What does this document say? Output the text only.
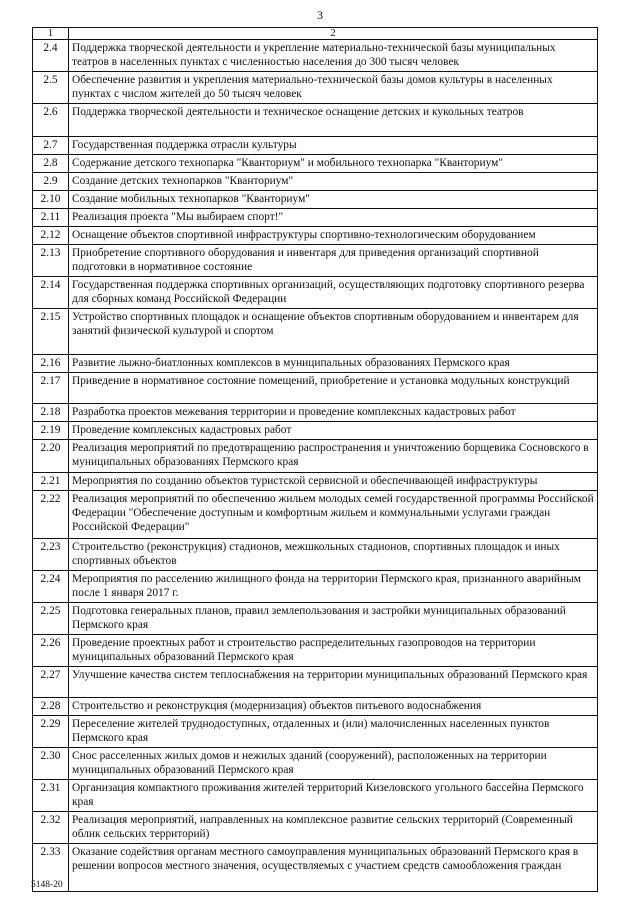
3
1	2
2.4	Поддержка творческой деятельности и укрепление материально-технической базы муниципальных театров в населенных пунктах с численностью населения до 300 тысяч человек
2.5	Обеспечение развития и укрепления материально-технической базы домов культуры в населенных пунктах с числом жителей до 50 тысяч человек
2.6	Поддержка творческой деятельности и техническое оснащение детских и кукольных театров
2.7	Государственная поддержка отрасли культуры
2.8	Содержание детского технопарка "Кванториум" и мобильного технопарка "Кванториум"
2.9	Создание детских технопарков "Кванториум"
2.10	Создание мобильных технопарков "Кванториум"
2.11	Реализация проекта "Мы выбираем спорт!"
2.12	Оснащение объектов спортивной инфраструктуры спортивно-технологическим оборудованием
2.13	Приобретение спортивного оборудования и инвентаря для приведения организаций спортивной подготовки в нормативное состояние
2.14	Государственная поддержка спортивных организаций, осуществляющих подготовку спортивного резерва для сборных команд Российской Федерации
2.15	Устройство спортивных площадок и оснащение объектов спортивным оборудованием и инвентарем для занятий физической культурой и спортом
2.16	Развитие лыжно-биатлонных комплексов в муниципальных образованиях Пермского края
2.17	Приведение в нормативное состояние помещений, приобретение и установка модульных конструкций
2.18	Разработка проектов межевания территории и проведение комплексных кадастровых работ
2.19	Проведение комплексных кадастровых работ
2.20	Реализация мероприятий по предотвращению распространения и уничтожению борщевика Сосновского в муниципальных образованиях Пермского края
2.21	Мероприятия по созданию объектов туристской сервисной и обеспечивающей инфраструктуры
2.22	Реализация мероприятий по обеспечению жильем молодых семей государственной программы Российской Федерации "Обеспечение доступным и комфортным жильем и коммунальными услугами граждан Российской Федерации"
2.23	Строительство (реконструкция) стадионов, межшкольных стадионов, спортивных площадок и иных спортивных объектов
2.24	Мероприятия по расселению жилищного фонда на территории Пермского края, признанного аварийным после 1 января 2017 г.
2.25	Подготовка генеральных планов, правил землепользования и застройки муниципальных образований Пермского края
2.26	Проведение проектных работ и строительство распределительных газопроводов на территории муниципальных образований Пермского края
2.27	Улучшение качества систем теплоснабжения на территории муниципальных образований Пермского края
2.28	Строительство и реконструкция (модернизация) объектов питьевого водоснабжения
2.29	Переселение жителей труднодоступных, отдаленных и (или) малочисленных населенных пунктов Пермского края
2.30	Снос расселенных жилых домов и нежилых зданий (сооружений), расположенных на территории муниципальных образований Пермского края
2.31	Организация компактного проживания жителей территорий Кизеловского угольного бассейна Пермского края
2.32	Реализация мероприятий, направленных на комплексное развитие сельских территорий (Современный облик сельских территорий)
2.33	Оказание содействия органам местного самоуправления муниципальных образований Пермского края в решении вопросов местного значения, осуществляемых с участием средств самообложения граждан
5148-20
